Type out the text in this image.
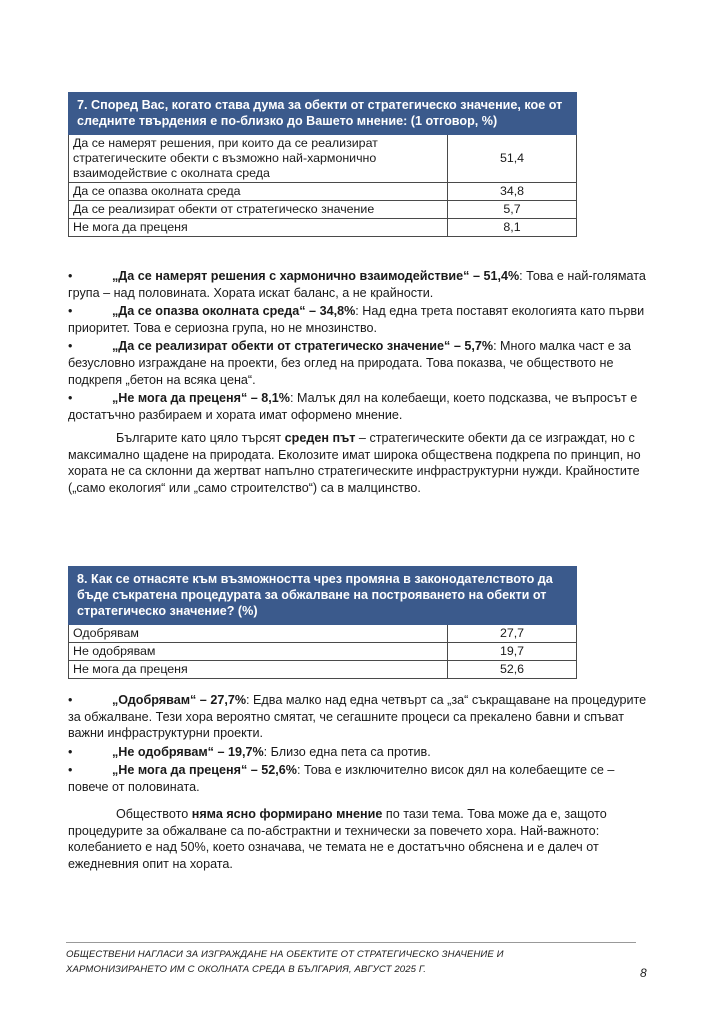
7. Според Вас, когато става дума за обекти от стратегическо значение, кое от следните твърдения е по-близко до Вашето мнение: (1 отговор, %)	
Да се намерят решения, при които да се реализират стратегическите обекти с възможно най-хармонично взаимодействие с околната среда	51,4
Да се опазва околната среда	34,8
Да се реализират обекти от стратегическо значение	5,7
Не мога да преценя	8,1
•	„Да се намерят решения с хармонично взаимодействие“ – 51,4%: Това е най-голямата група – над половината. Хората искат баланс, а не крайности.
•	„Да се опазва околната среда“ – 34,8%: Над една трета поставят екологията като първи приоритет. Това е сериозна група, но не мнозинство.
•	„Да се реализират обекти от стратегическо значение“ – 5,7%: Много малка част е за безусловно изграждане на проекти, без оглед на природата. Това показва, че обществото не подкрепя „бетон на всяка цена“.
•	„Не мога да преценя“ – 8,1%: Малък дял на колебаещи, което подсказва, че въпросът е достатъчно разбираем и хората имат оформено мнение.
Българите като цяло търсят среден път – стратегическите обекти да се изграждат, но с максимално щадене на природата. Еколозите имат широка обществена подкрепа по принцип, но хората не са склонни да жертват напълно стратегическите инфраструктурни нужди. Крайностите („само екология“ или „само строителство“) са в малцинство.
8. Как се отнасяте към възможността чрез промяна в законодателството да бъде съкратена процедурата за обжалване на построяването на обекти от стратегическо значение? (%)	
Одобрявам	27,7
Не одобрявам	19,7
Не мога да преценя	52,6
•	„Одобрявам“ – 27,7%: Едва малко над една четвърт са „за“ съкращаване на процедурите за обжалване. Тези хора вероятно смятат, че сегашните процеси са прекалено бавни и спъват важни инфраструктурни проекти.
•	„Не одобрявам“ – 19,7%: Близо една пета са против.
•	„Не мога да преценя“ – 52,6%: Това е изключително висок дял на колебаещите се – повече от половината.
Обществото няма ясно формирано мнение по тази тема. Това може да е, защото процедурите за обжалване са по-абстрактни и технически за повечето хора. Най-важното: колебанието е над 50%, което означава, че темата не е достатъчно обяснена и е далеч от ежедневния опит на хората.
ОБЩЕСТВЕНИ НАГЛАСИ ЗА ИЗГРАЖДАНЕ НА ОБЕКТИТЕ ОТ СТРАТЕГИЧЕСКО ЗНАЧЕНИЕ И ХАРМОНИЗИРАНЕТО ИМ С ОКОЛНАТА СРЕДА В БЪЛГАРИЯ, АВГУСТ 2025 Г.	8
